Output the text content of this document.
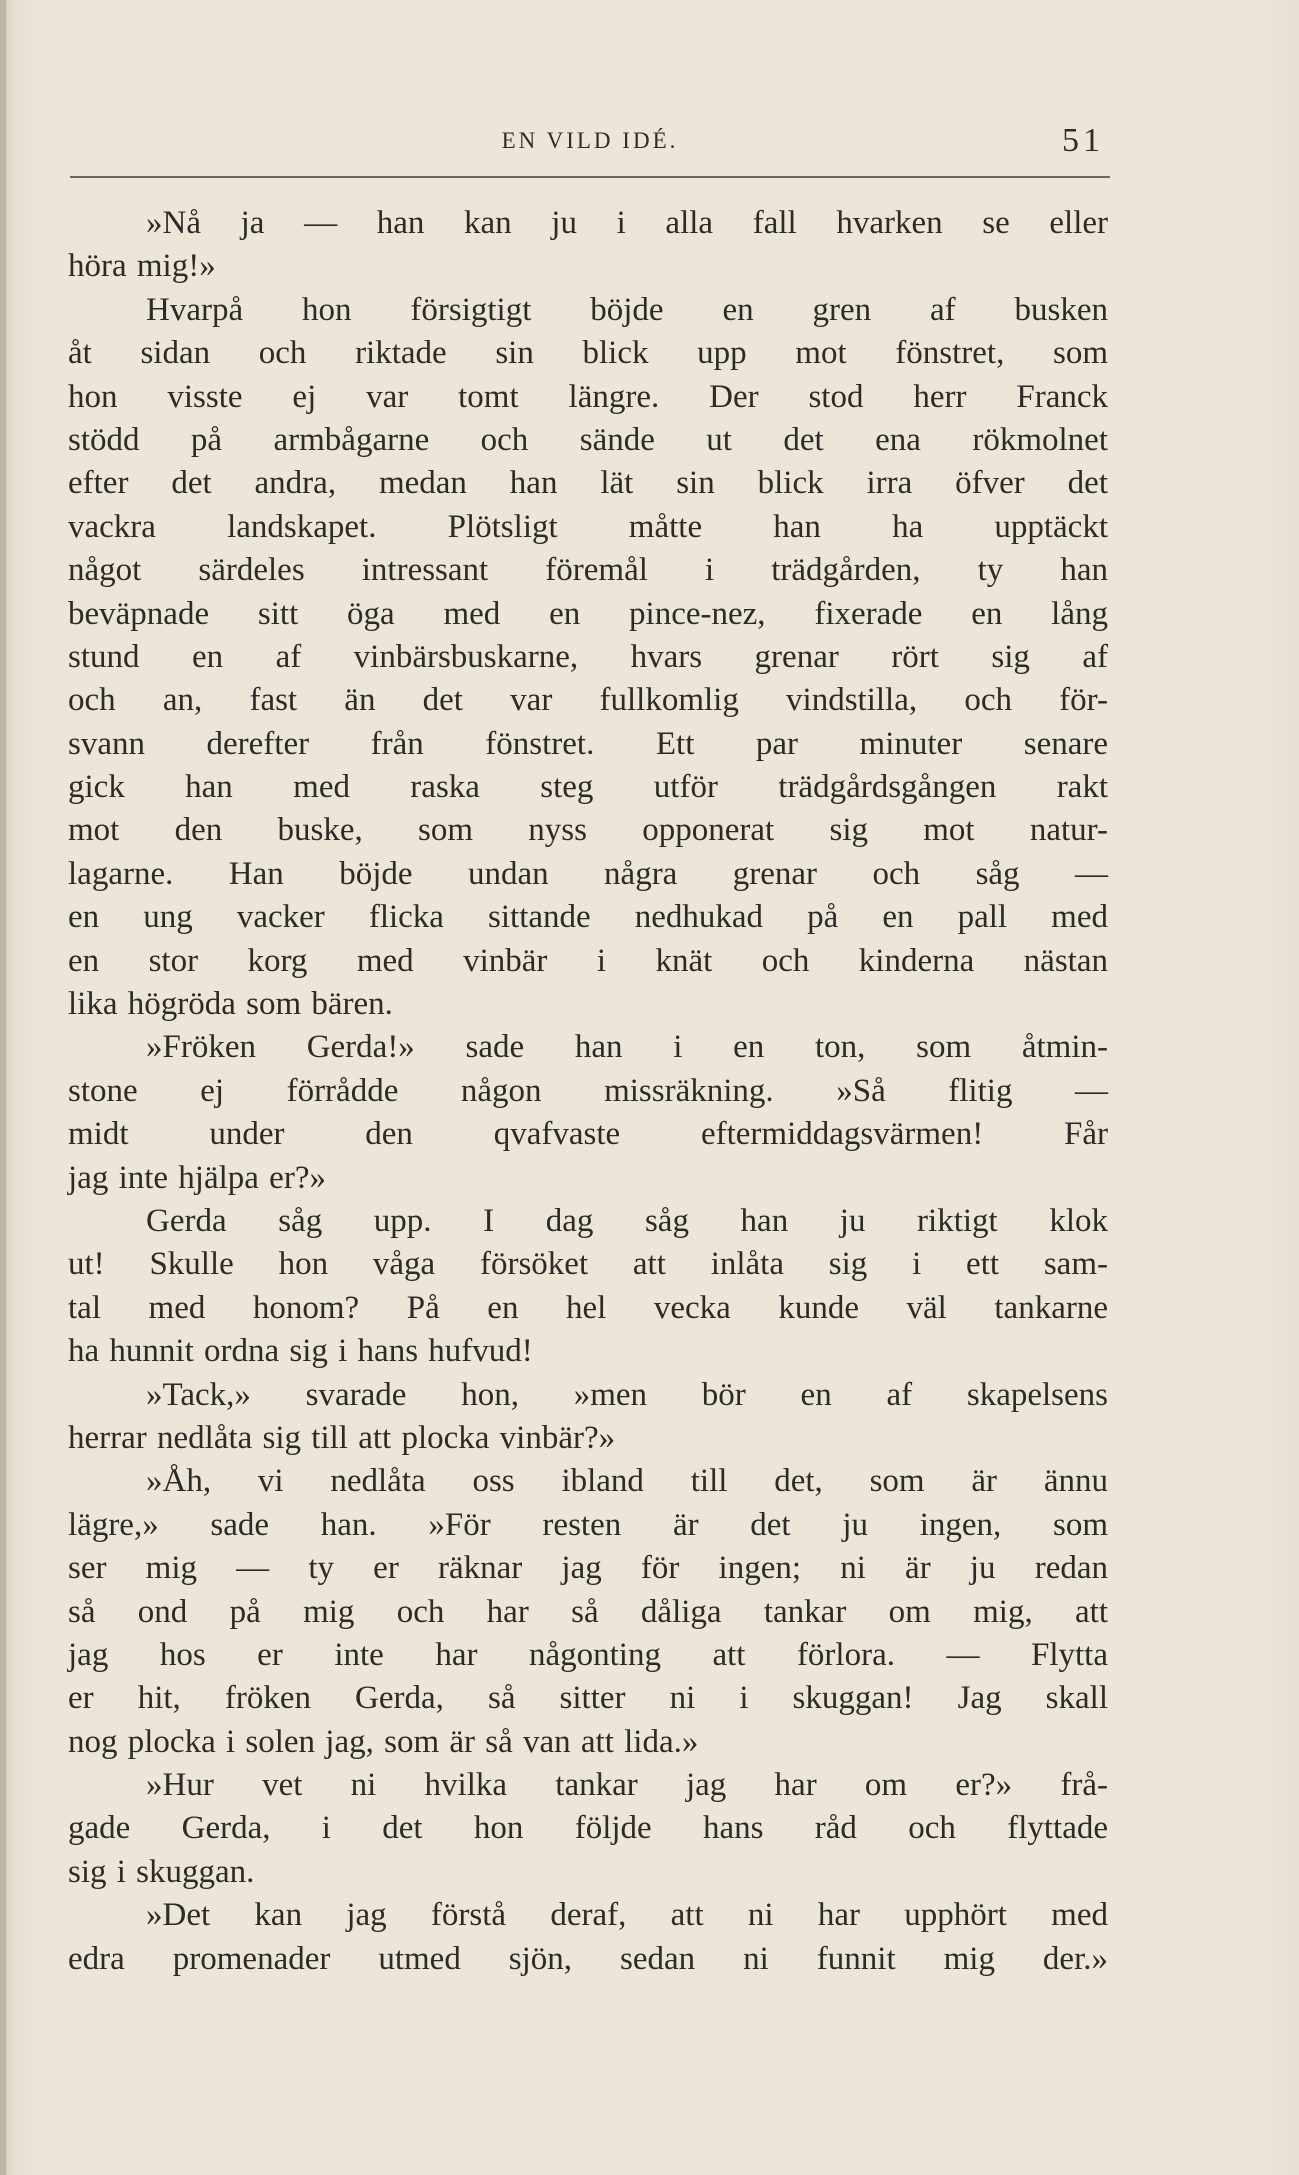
EN VILD IDÉ.	51
»Nå ja — han kan ju i alla fall hvarken se eller
höra mig!»
Hvarpå hon försigtigt böjde en gren af busken
åt sidan och riktade sin blick upp mot fönstret, som
hon visste ej var tomt längre. Der stod herr Franck
stödd på armbågarne och sände ut det ena rökmolnet
efter det andra, medan han lät sin blick irra öfver det
vackra landskapet. Plötsligt måtte han ha upptäckt
något särdeles intressant föremål i trädgården, ty han
beväpnade sitt öga med en pince-nez, fixerade en lång
stund en af vinbärsbuskarne, hvars grenar rört sig af
och an, fast än det var fullkomlig vindstilla, och för-
svann derefter från fönstret. Ett par minuter senare
gick han med raska steg utför trädgårdsgången rakt
mot den buske, som nyss opponerat sig mot natur-
lagarne. Han böjde undan några grenar och såg —
en ung vacker flicka sittande nedhukad på en pall med
en stor korg med vinbär i knät och kinderna nästan
lika högröda som bären.
»Fröken Gerda!» sade han i en ton, som åtmin-
stone ej förrådde någon missräkning. »Så flitig —
midt under den qvafvaste eftermiddagsvärmen! Får
jag inte hjälpa er?»
Gerda såg upp. I dag såg han ju riktigt klok
ut! Skulle hon våga försöket att inlåta sig i ett sam-
tal med honom? På en hel vecka kunde väl tankarne
ha hunnit ordna sig i hans hufvud!
»Tack,» svarade hon, »men bör en af skapelsens
herrar nedlåta sig till att plocka vinbär?»
»Åh, vi nedlåta oss ibland till det, som är ännu
lägre,» sade han. »För resten är det ju ingen, som
ser mig — ty er räknar jag för ingen; ni är ju redan
så ond på mig och har så dåliga tankar om mig, att
jag hos er inte har någonting att förlora. — Flytta
er hit, fröken Gerda, så sitter ni i skuggan! Jag skall
nog plocka i solen jag, som är så van att lida.»
»Hur vet ni hvilka tankar jag har om er?» frå-
gade Gerda, i det hon följde hans råd och flyttade
sig i skuggan.
»Det kan jag förstå deraf, att ni har upphört med
edra promenader utmed sjön, sedan ni funnit mig der.»
